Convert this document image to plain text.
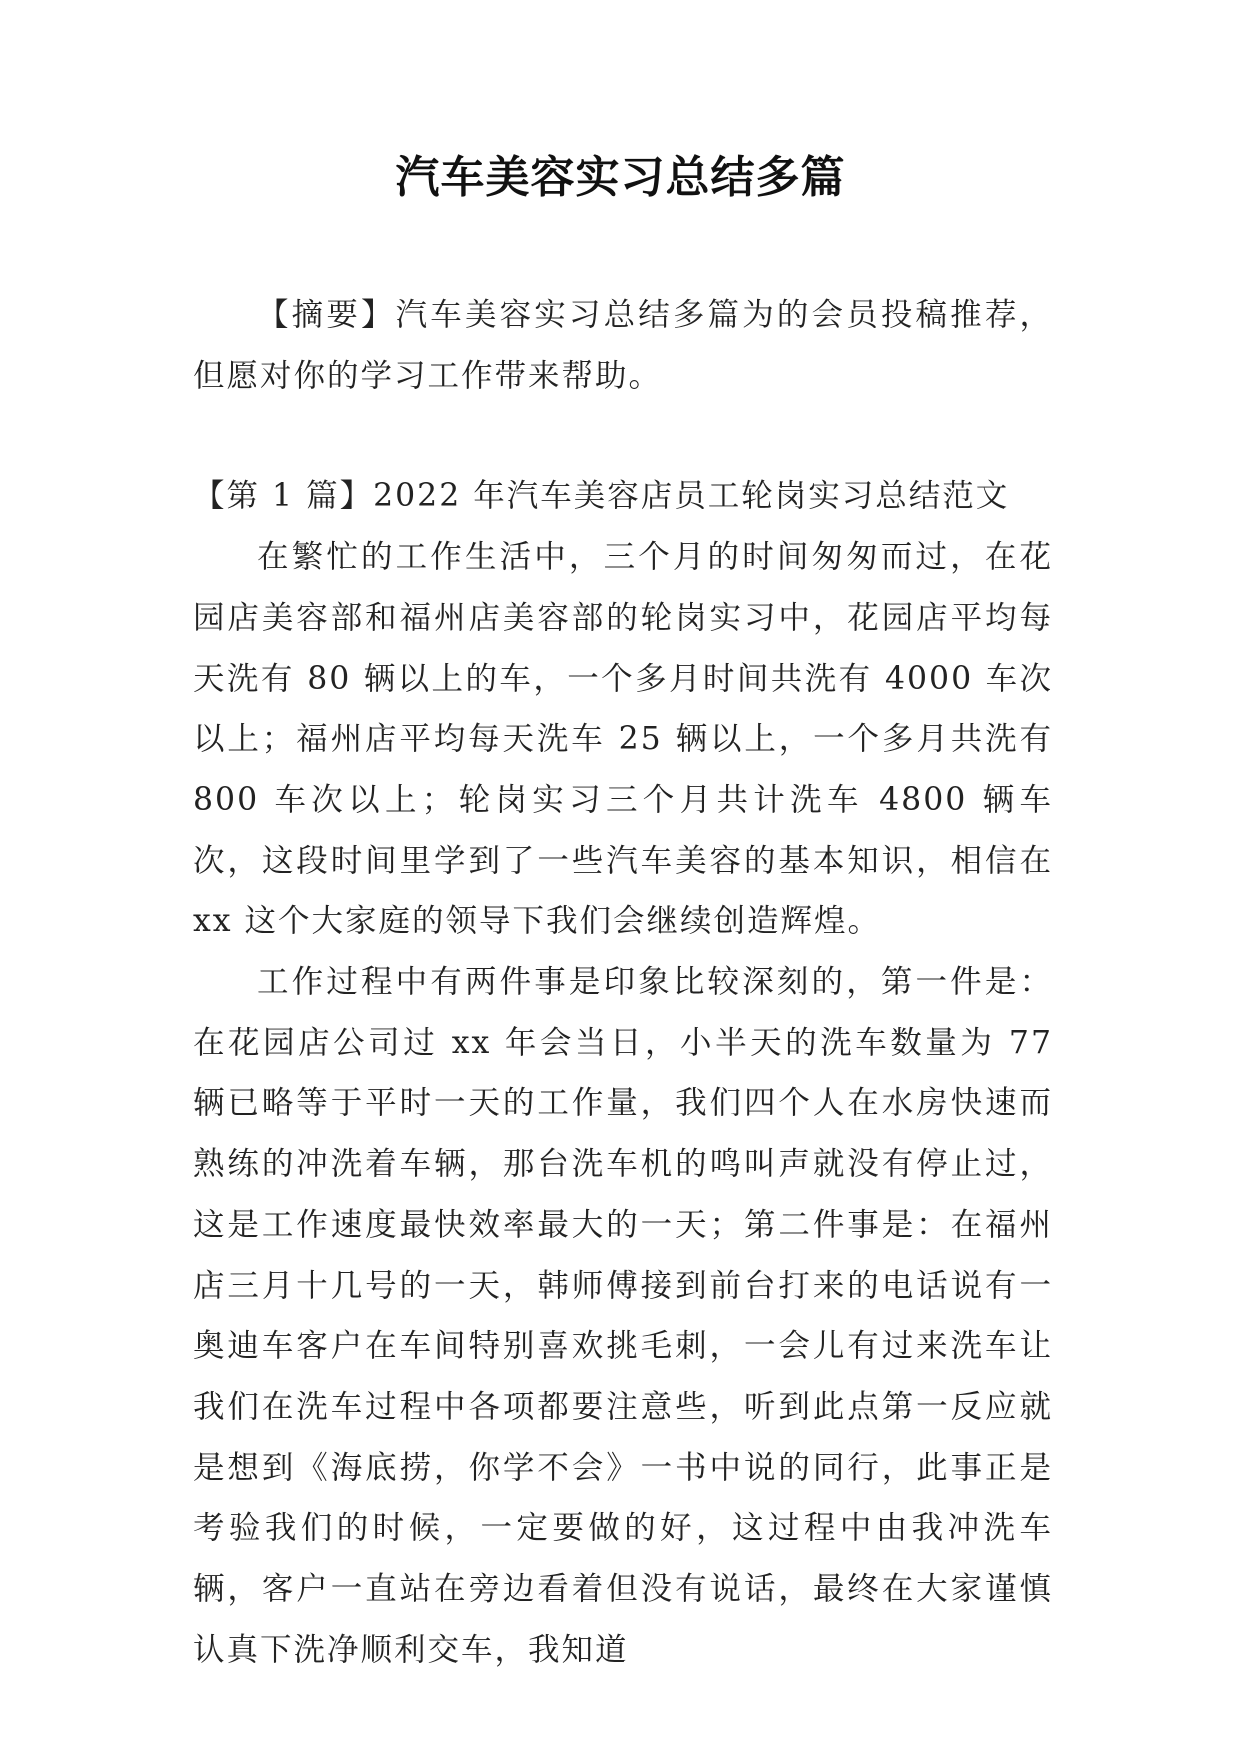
汽车美容实习总结多篇

【摘要】汽车美容实习总结多篇为的会员投稿推荐，但愿对你的学习工作带来帮助。

【第 1 篇】2022 年汽车美容店员工轮岗实习总结范文

在繁忙的工作生活中，三个月的时间匆匆而过，在花园店美容部和福州店美容部的轮岗实习中，花园店平均每天洗有 80 辆以上的车，一个多月时间共洗有 4000 车次以上；福州店平均每天洗车 25 辆以上，一个多月共洗有 800 车次以上；轮岗实习三个月共计洗车 4800 辆车次，这段时间里学到了一些汽车美容的基本知识，相信在 xx 这个大家庭的领导下我们会继续创造辉煌。

工作过程中有两件事是印象比较深刻的，第一件是：在花园店公司过 xx 年会当日，小半天的洗车数量为 77 辆已略等于平时一天的工作量，我们四个人在水房快速而熟练的冲洗着车辆，那台洗车机的鸣叫声就没有停止过，这是工作速度最快效率最大的一天；第二件事是：在福州店三月十几号的一天，韩师傅接到前台打来的电话说有一奥迪车客户在车间特别喜欢挑毛刺，一会儿有过来洗车让我们在洗车过程中各项都要注意些，听到此点第一反应就是想到《海底捞，你学不会》一书中说的同行，此事正是考验我们的时候，一定要做的好，这过程中由我冲洗车辆，客户一直站在旁边看着但没有说话，最终在大家谨慎认真下洗净顺利交车，我知道
